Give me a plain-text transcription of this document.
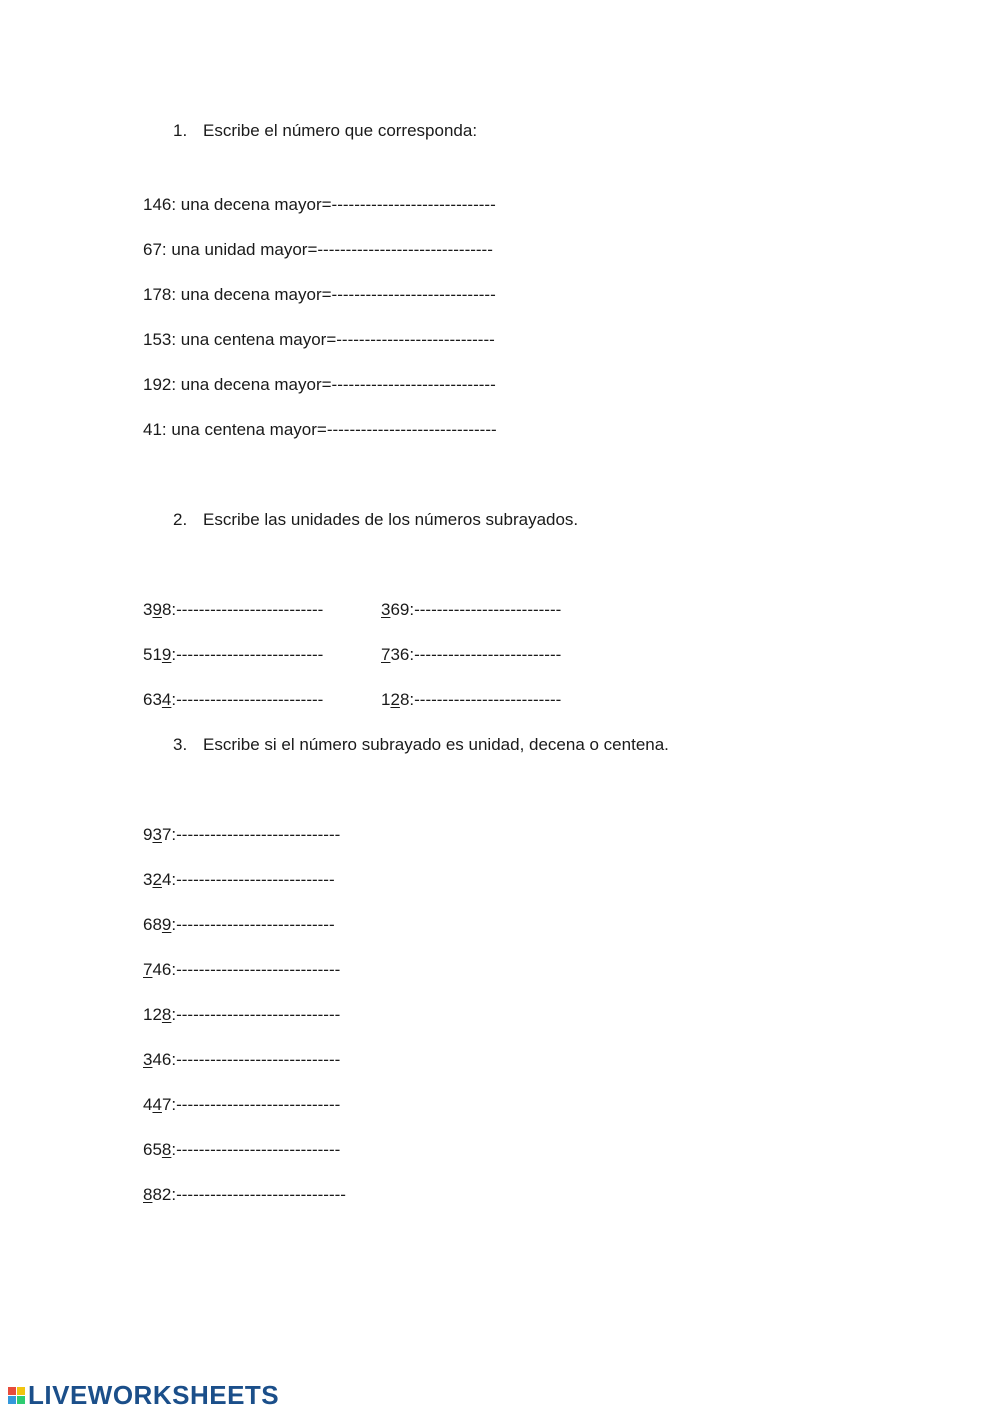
1. Escribe el número que corresponda:
146: una decena mayor=-----------------------------
67: una unidad mayor=-------------------------------
178: una decena mayor=-----------------------------
153: una centena mayor=----------------------------
192: una decena mayor=-----------------------------
41: una centena mayor=------------------------------
2. Escribe las unidades de los números subrayados.
398:--------------------------
519:--------------------------
634:--------------------------
369:--------------------------
736:--------------------------
128:--------------------------
3. Escribe si el número subrayado es unidad, decena o centena.
937:-----------------------------
324:----------------------------
689:----------------------------
746:-----------------------------
128:-----------------------------
346:-----------------------------
447:-----------------------------
658:-----------------------------
882:------------------------------
LIVEWORKSHEETS
